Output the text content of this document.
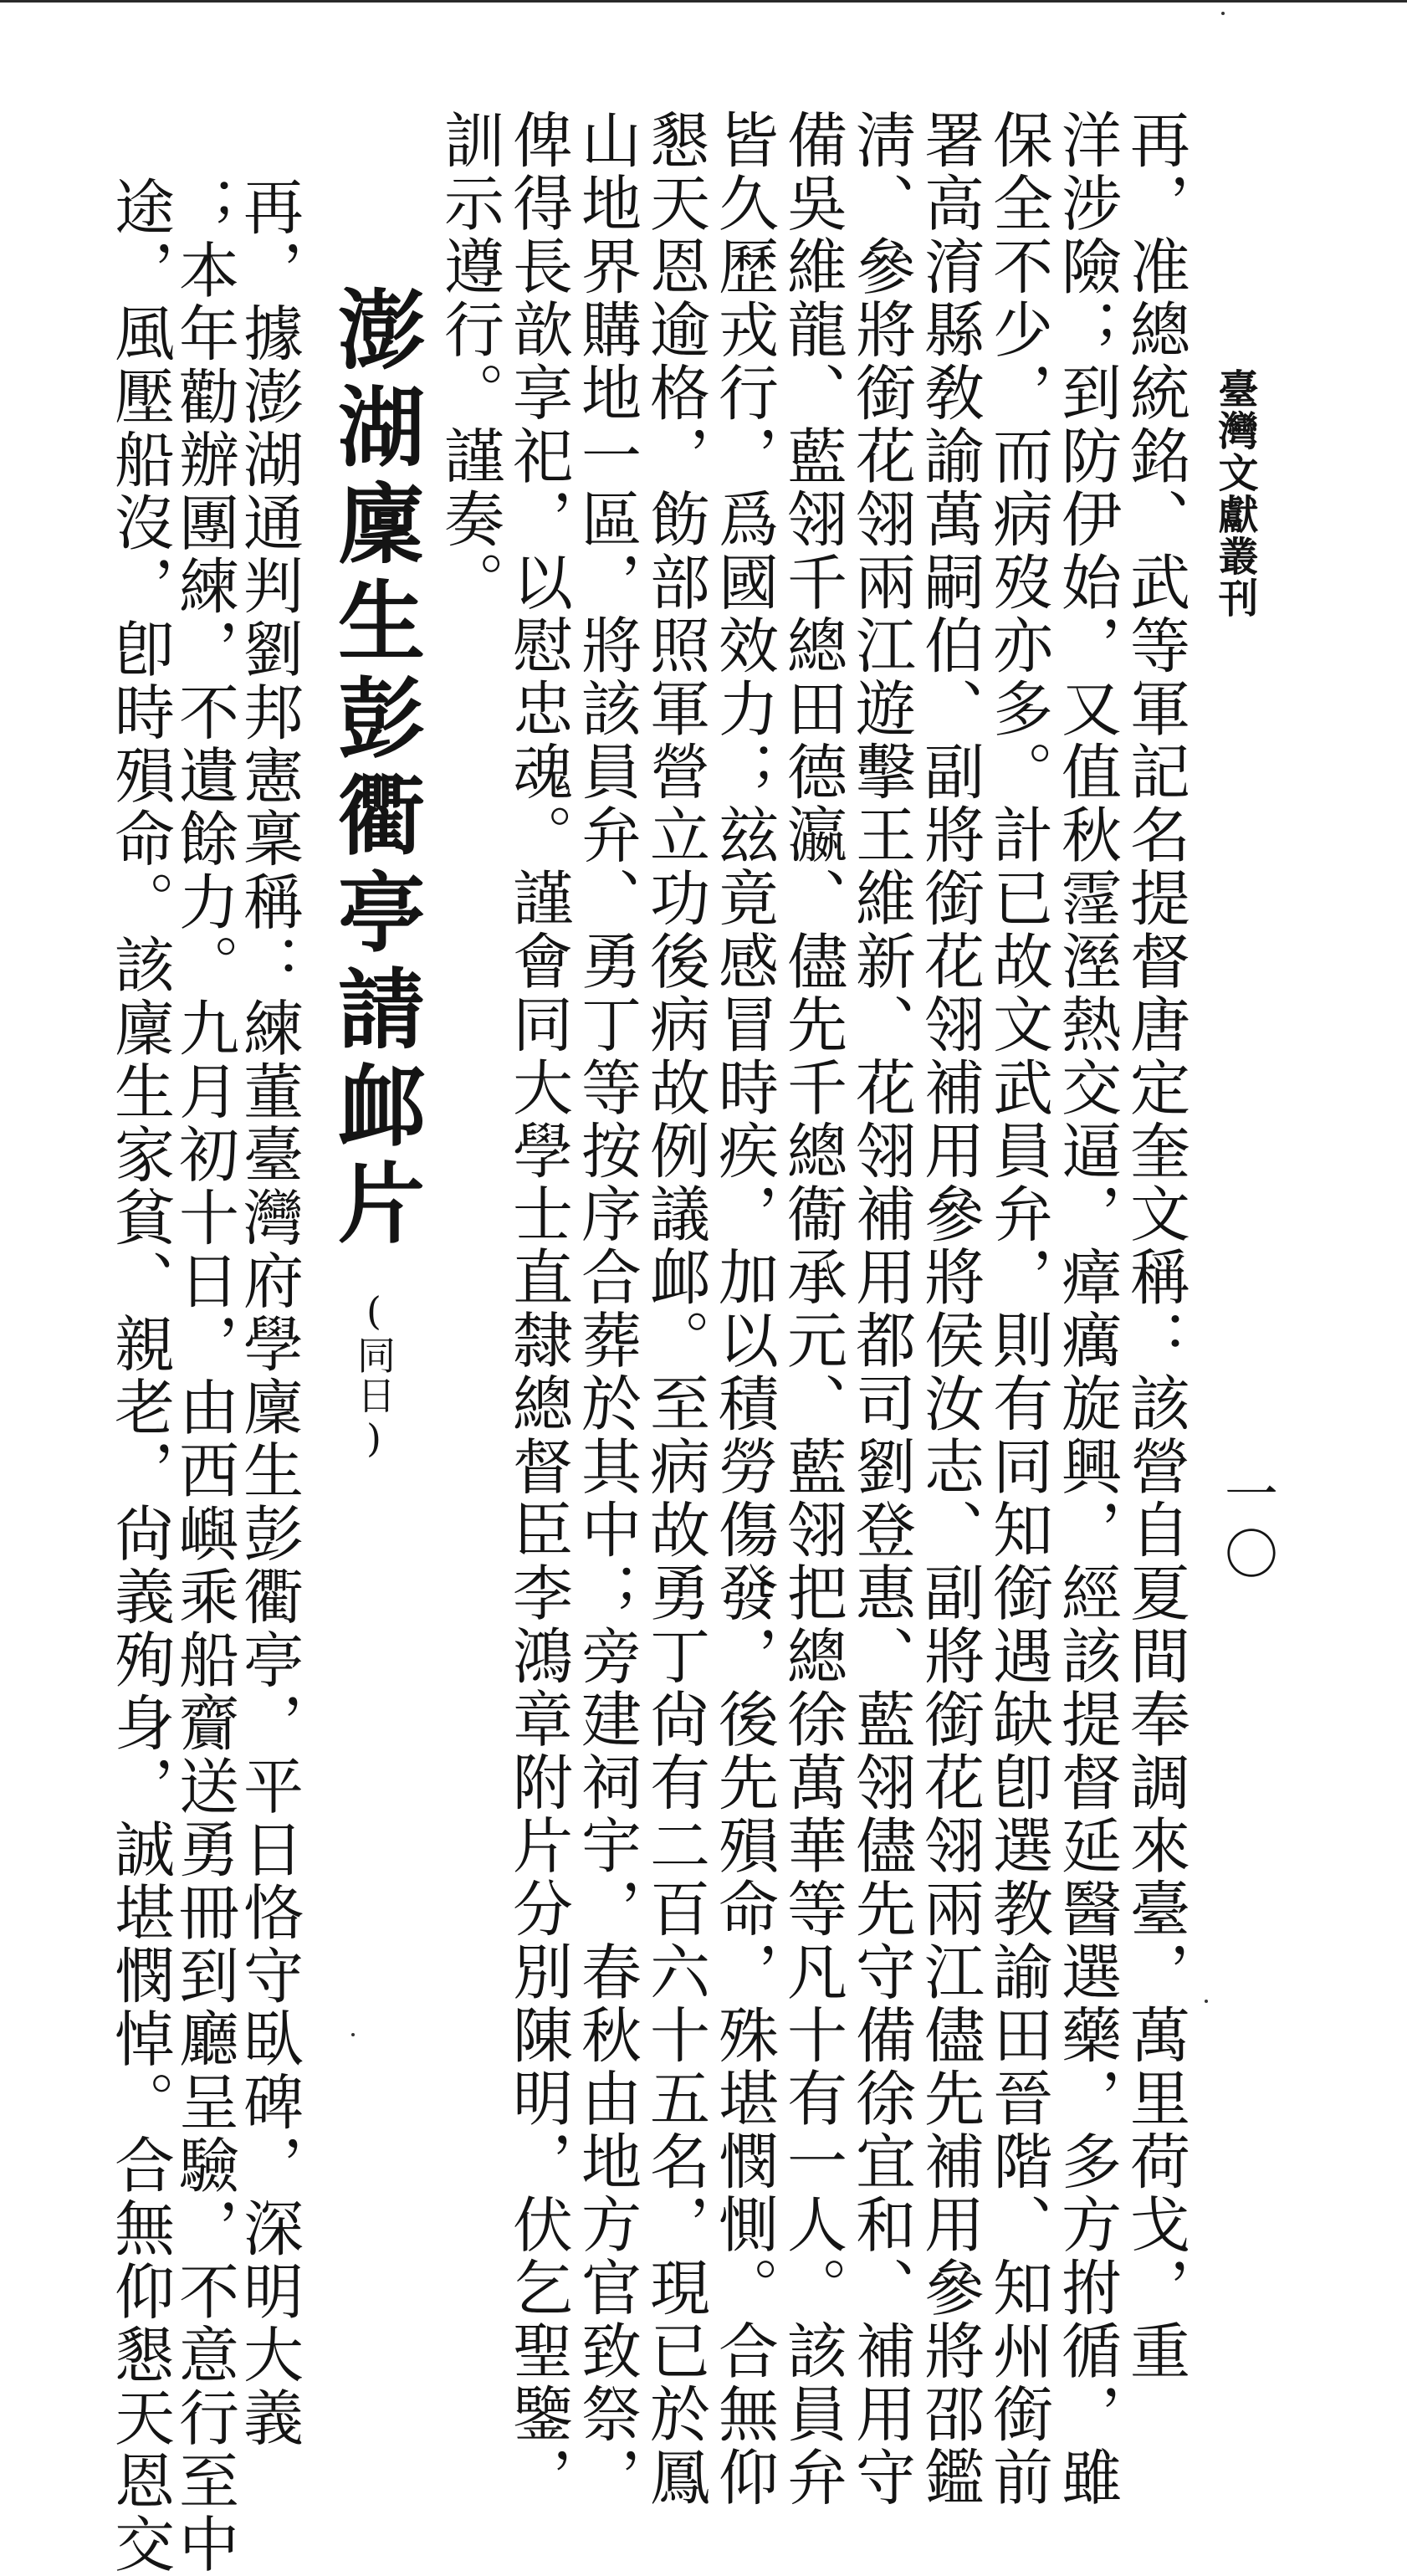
臺灣文獻叢刊
一〇
再，准總統銘、武等軍記名提督唐定奎文稱：該營自夏間奉調來臺，萬里荷戈，重
洋涉險；到防伊始，又值秋霪溼熱交逼，瘴癘旋興，經該提督延醫選藥，多方拊循，雖
保全不少，而病歿亦多。計已故文武員弁，則有同知銜遇缺卽選教諭田晉階、知州銜前
署高淯縣敎諭萬嗣伯、副將銜花翎補用參將侯汝志、副將銜花翎兩江儘先補用參將邵鑑
淸、參將銜花翎兩江遊擊王維新、花翎補用都司劉登惠、藍翎儘先守備徐宜和、補用守
備吳維龍、藍翎千總田德瀛、儘先千總衞承元、藍翎把總徐萬華等凡十有一人。該員弁
皆久歷戎行，爲國效力；玆竟感冒時疾，加以積勞傷發，後先殞命，殊堪憫惻。合無仰
懇天恩逾格，飭部照軍營立功後病故例議䘏。至病故勇丁尙有二百六十五名，現已於鳳
山地界購地一區，將該員弁、勇丁等按序合葬於其中；旁建祠宇，春秋由地方官致祭，
俾得長歆享祀，以慰忠魂。謹會同大學士直隸總督臣李鴻章附片分別陳明，伏乞聖鑒，
訓示遵行。謹奏。
澎湖廩生彭衢亭請䘏片(同日)
再，據澎湖通判劉邦憲稟稱：練董臺灣府學廩生彭衢亭，平日恪守臥碑，深明大義
；本年勸辦團練，不遺餘力。九月初十日，由西嶼乘船齎送勇冊到廳呈驗，不意行至中
途，風壓船沒，卽時殞命。該廩生家貧、親老，尙義殉身，誠堪憫悼。合無仰懇天恩交
